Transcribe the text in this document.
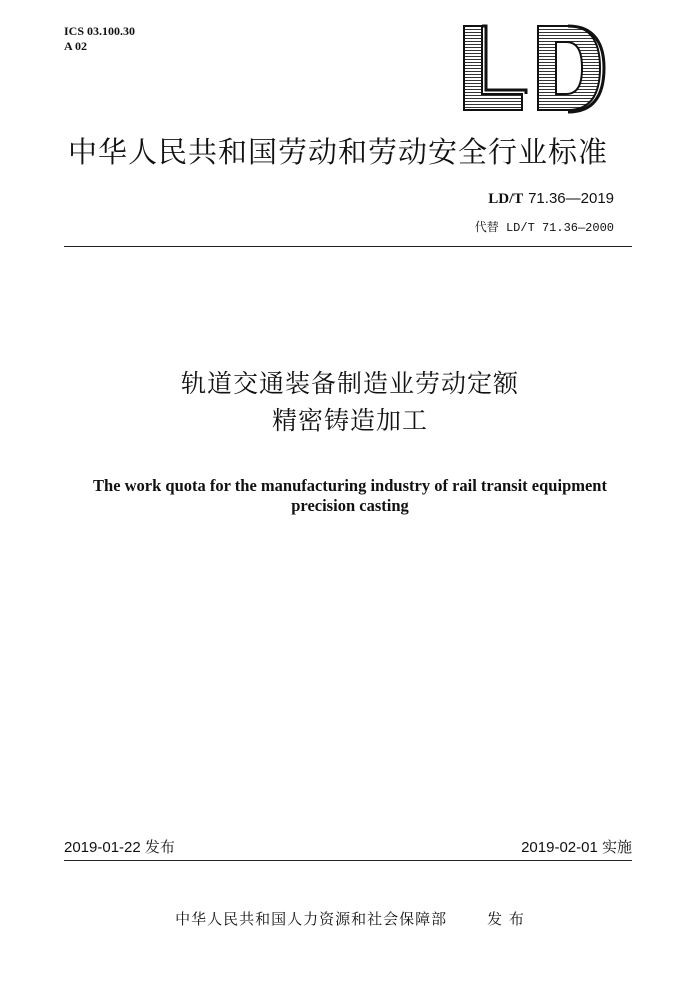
ICS 03.100.30
A 02
LD
中华人民共和国劳动和劳动安全行业标准
LD/T 71.36—2019
代替 LD/T 71.36—2000
轨道交通装备制造业劳动定额
精密铸造加工
The work quota for the manufacturing industry of rail transit equipment
precision casting
2019-01-22 发布	2019-02-01 实施
中华人民共和国人力资源和社会保障部	发 布
